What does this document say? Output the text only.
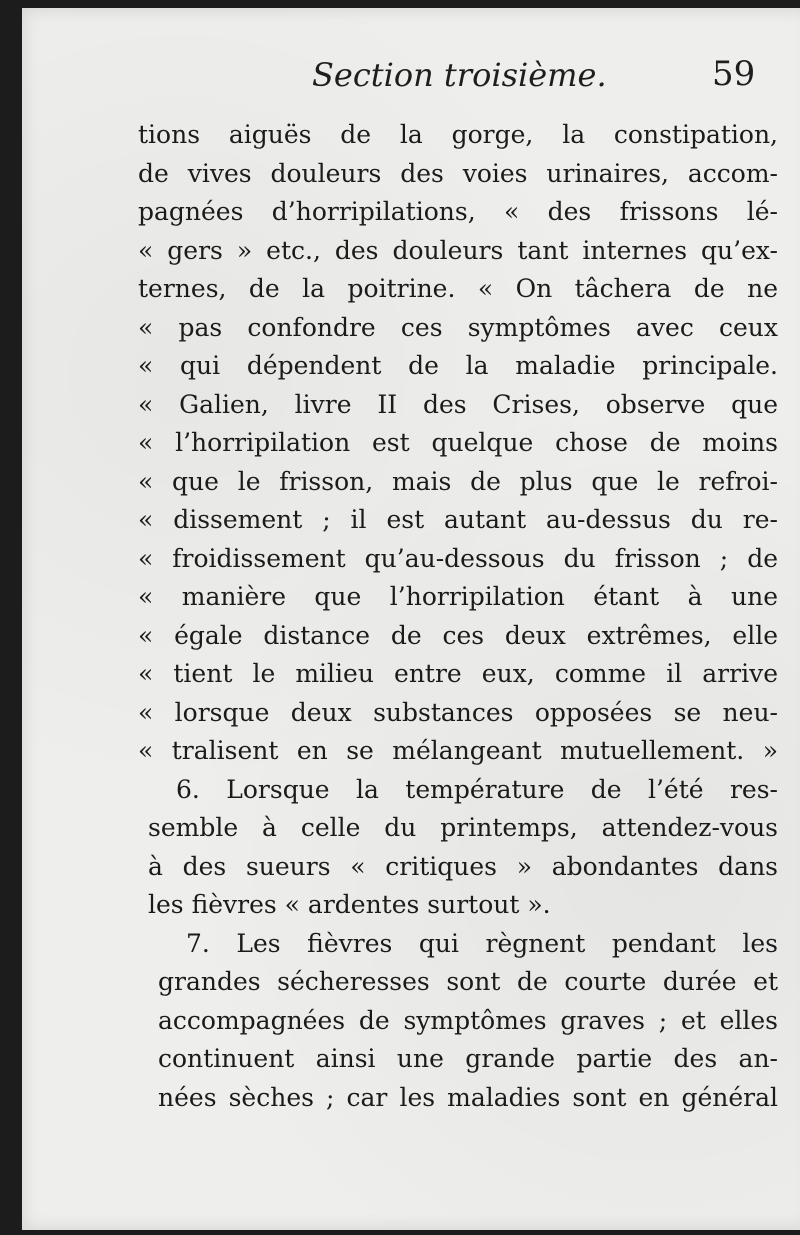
Section troisième.	59
tions aiguës de la gorge, la constipation,
de vives douleurs des voies urinaires, accom-
pagnées d’horripilations, « des frissons lé-
« gers » etc., des douleurs tant internes qu’ex-
ternes, de la poitrine. « On tâchera de ne
« pas confondre ces symptômes avec ceux
« qui dépendent de la maladie principale.
« Galien, livre II des Crises, observe que
« l’horripilation est quelque chose de moins
« que le frisson, mais de plus que le refroi-
« dissement ; il est autant au-dessus du re-
« froidissement qu’au-dessous du frisson ; de
« manière que l’horripilation étant à une
« égale distance de ces deux extrêmes, elle
« tient le milieu entre eux, comme il arrive
« lorsque deux substances opposées se neu-
« tralisent en se mélangeant mutuellement. »
6. Lorsque la température de l’été res-
semble à celle du printemps, attendez-vous
à des sueurs « critiques » abondantes dans
les fièvres « ardentes surtout ».
7. Les fièvres qui règnent pendant les
grandes sécheresses sont de courte durée et
accompagnées de symptômes graves ; et elles
continuent ainsi une grande partie des an-
nées sèches ; car les maladies sont en général
